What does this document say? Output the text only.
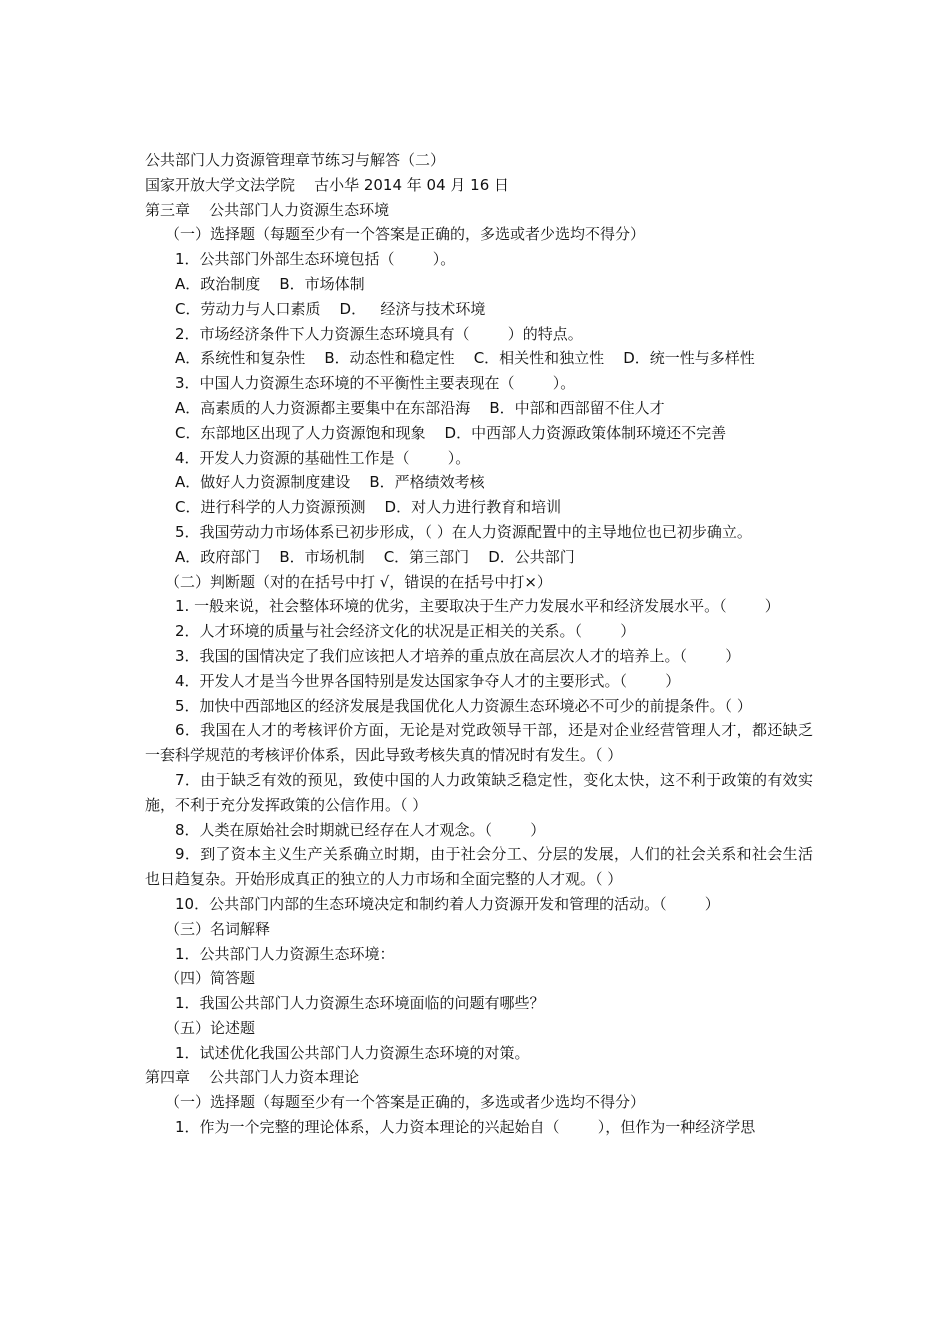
公共部门人力资源管理章节练习与解答（二）
国家开放大学文法学院    古小华 2014 年 04 月 16 日
第三章    公共部门人力资源生态环境
（一）选择题（每题至少有一个答案是正确的，多选或者少选均不得分）
1．公共部门外部生态环境包括（        ）。
A．政治制度    B．市场体制
C．劳动力与人口素质    D．   经济与技术环境
2．市场经济条件下人力资源生态环境具有（        ）的特点。
A．系统性和复杂性    B．动态性和稳定性    C．相关性和独立性    D．统一性与多样性
3．中国人力资源生态环境的不平衡性主要表现在（        ）。
A．高素质的人力资源都主要集中在东部沿海    B．中部和西部留不住人才
C．东部地区出现了人力资源饱和现象    D．中西部人力资源政策体制环境还不完善
4．开发人力资源的基础性工作是（        ）。
A．做好人力资源制度建设    B．严格绩效考核
C．进行科学的人力资源预测    D．对人力进行教育和培训
5．我国劳动力市场体系已初步形成，（ ）在人力资源配置中的主导地位也已初步确立。
A．政府部门    B．市场机制    C．第三部门    D．公共部门
（二）判断题（对的在括号中打 √，错误的在括号中打×）
1. 一般来说，社会整体环境的优劣，主要取决于生产力发展水平和经济发展水平。（        ）
2．人才环境的质量与社会经济文化的状况是正相关的关系。（        ）
3．我国的国情决定了我们应该把人才培养的重点放在高层次人才的培养上。（        ）
4．开发人才是当今世界各国特别是发达国家争夺人才的主要形式。（        ）
5．加快中西部地区的经济发展是我国优化人力资源生态环境必不可少的前提条件。（ ）
6．我国在人才的考核评价方面，无论是对党政领导干部，还是对企业经营管理人才，都还缺乏一套科学规范的考核评价体系，因此导致考核失真的情况时有发生。（ ）
7．由于缺乏有效的预见，致使中国的人力政策缺乏稳定性，变化太快，这不利于政策的有效实施，不利于充分发挥政策的公信作用。（ ）
8．人类在原始社会时期就已经存在人才观念。（        ）
9．到了资本主义生产关系确立时期，由于社会分工、分层的发展，人们的社会关系和社会生活也日趋复杂。开始形成真正的独立的人力市场和全面完整的人才观。（ ）
10．公共部门内部的生态环境决定和制约着人力资源开发和管理的活动。（        ）
（三）名词解释
1．公共部门人力资源生态环境：
（四）简答题
1．我国公共部门人力资源生态环境面临的问题有哪些？
（五）论述题
1．试述优化我国公共部门人力资源生态环境的对策。
第四章    公共部门人力资本理论
（一）选择题（每题至少有一个答案是正确的，多选或者少选均不得分）
1．作为一个完整的理论体系，人力资本理论的兴起始自（        ），但作为一种经济学思
